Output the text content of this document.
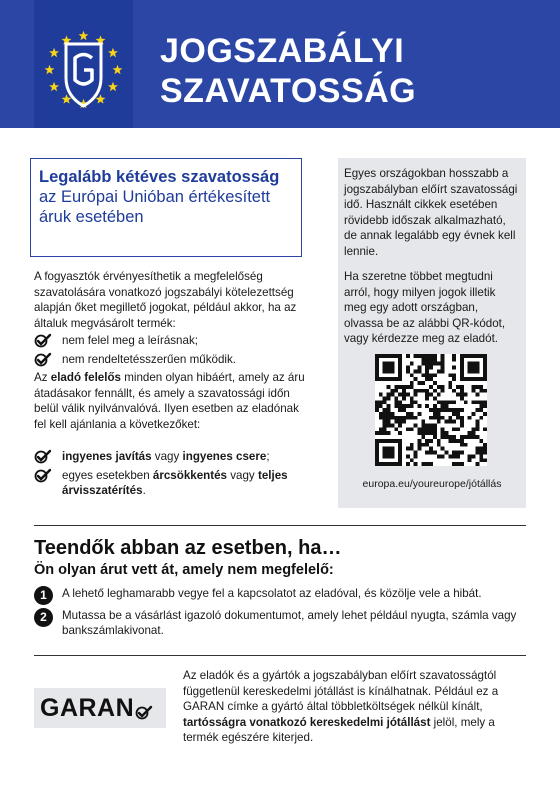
JOGSZABÁLYI
SZAVATOSSÁG
Legalább kétéves szavatosság az Európai Unióban értékesített áruk esetében

A fogyasztók érvényesíthetik a megfelelőség szavatolására vonatkozó jogszabályi kötelezettség alapján őket megillető jogokat, például akkor, ha az általuk megvásárolt termék:

nem felel meg a leírásnak;
nem rendeltetésszerűen működik.

Az eladó felelős minden olyan hibáért, amely az áru átadásakor fennállt, és amely a szavatossági időn belül válik nyilvánvalóvá. Ilyen esetben az eladónak fel kell ajánlania a következőket:

ingyenes javítás vagy ingyenes csere;
egyes esetekben árcsökkentés vagy teljes árvisszatérítés.

Egyes országokban hosszabb a jogszabályban előírt szavatossági idő. Használt cikkek esetében rövidebb időszak alkalmazható, de annak legalább egy évnek kell lennie.

Ha szeretne többet megtudni arról, hogy milyen jogok illetik meg egy adott országban, olvassa be az alábbi QR-kódot, vagy kérdezze meg az eladót.

europa.eu/youreurope/jótállás
Teendők abban az esetben, ha…
Ön olyan árut vett át, amely nem megfelelő:
1	A lehető leghamarabb vegye fel a kapcsolatot az eladóval, és közölje vele a hibát.
2	Mutassa be a vásárlást igazoló dokumentumot, amely lehet például nyugta, számla vagy bankszámlakivonat.
GARAN

Az eladók és a gyártók a jogszabályban előírt szavatosságtól függetlenül kereskedelmi jótállást is kínálhatnak. Például ez a GARAN címke a gyártó által többletköltségek nélkül kínált, tartósságra vonatkozó kereskedelmi jótállást jelöl, mely a termék egészére kiterjed.
